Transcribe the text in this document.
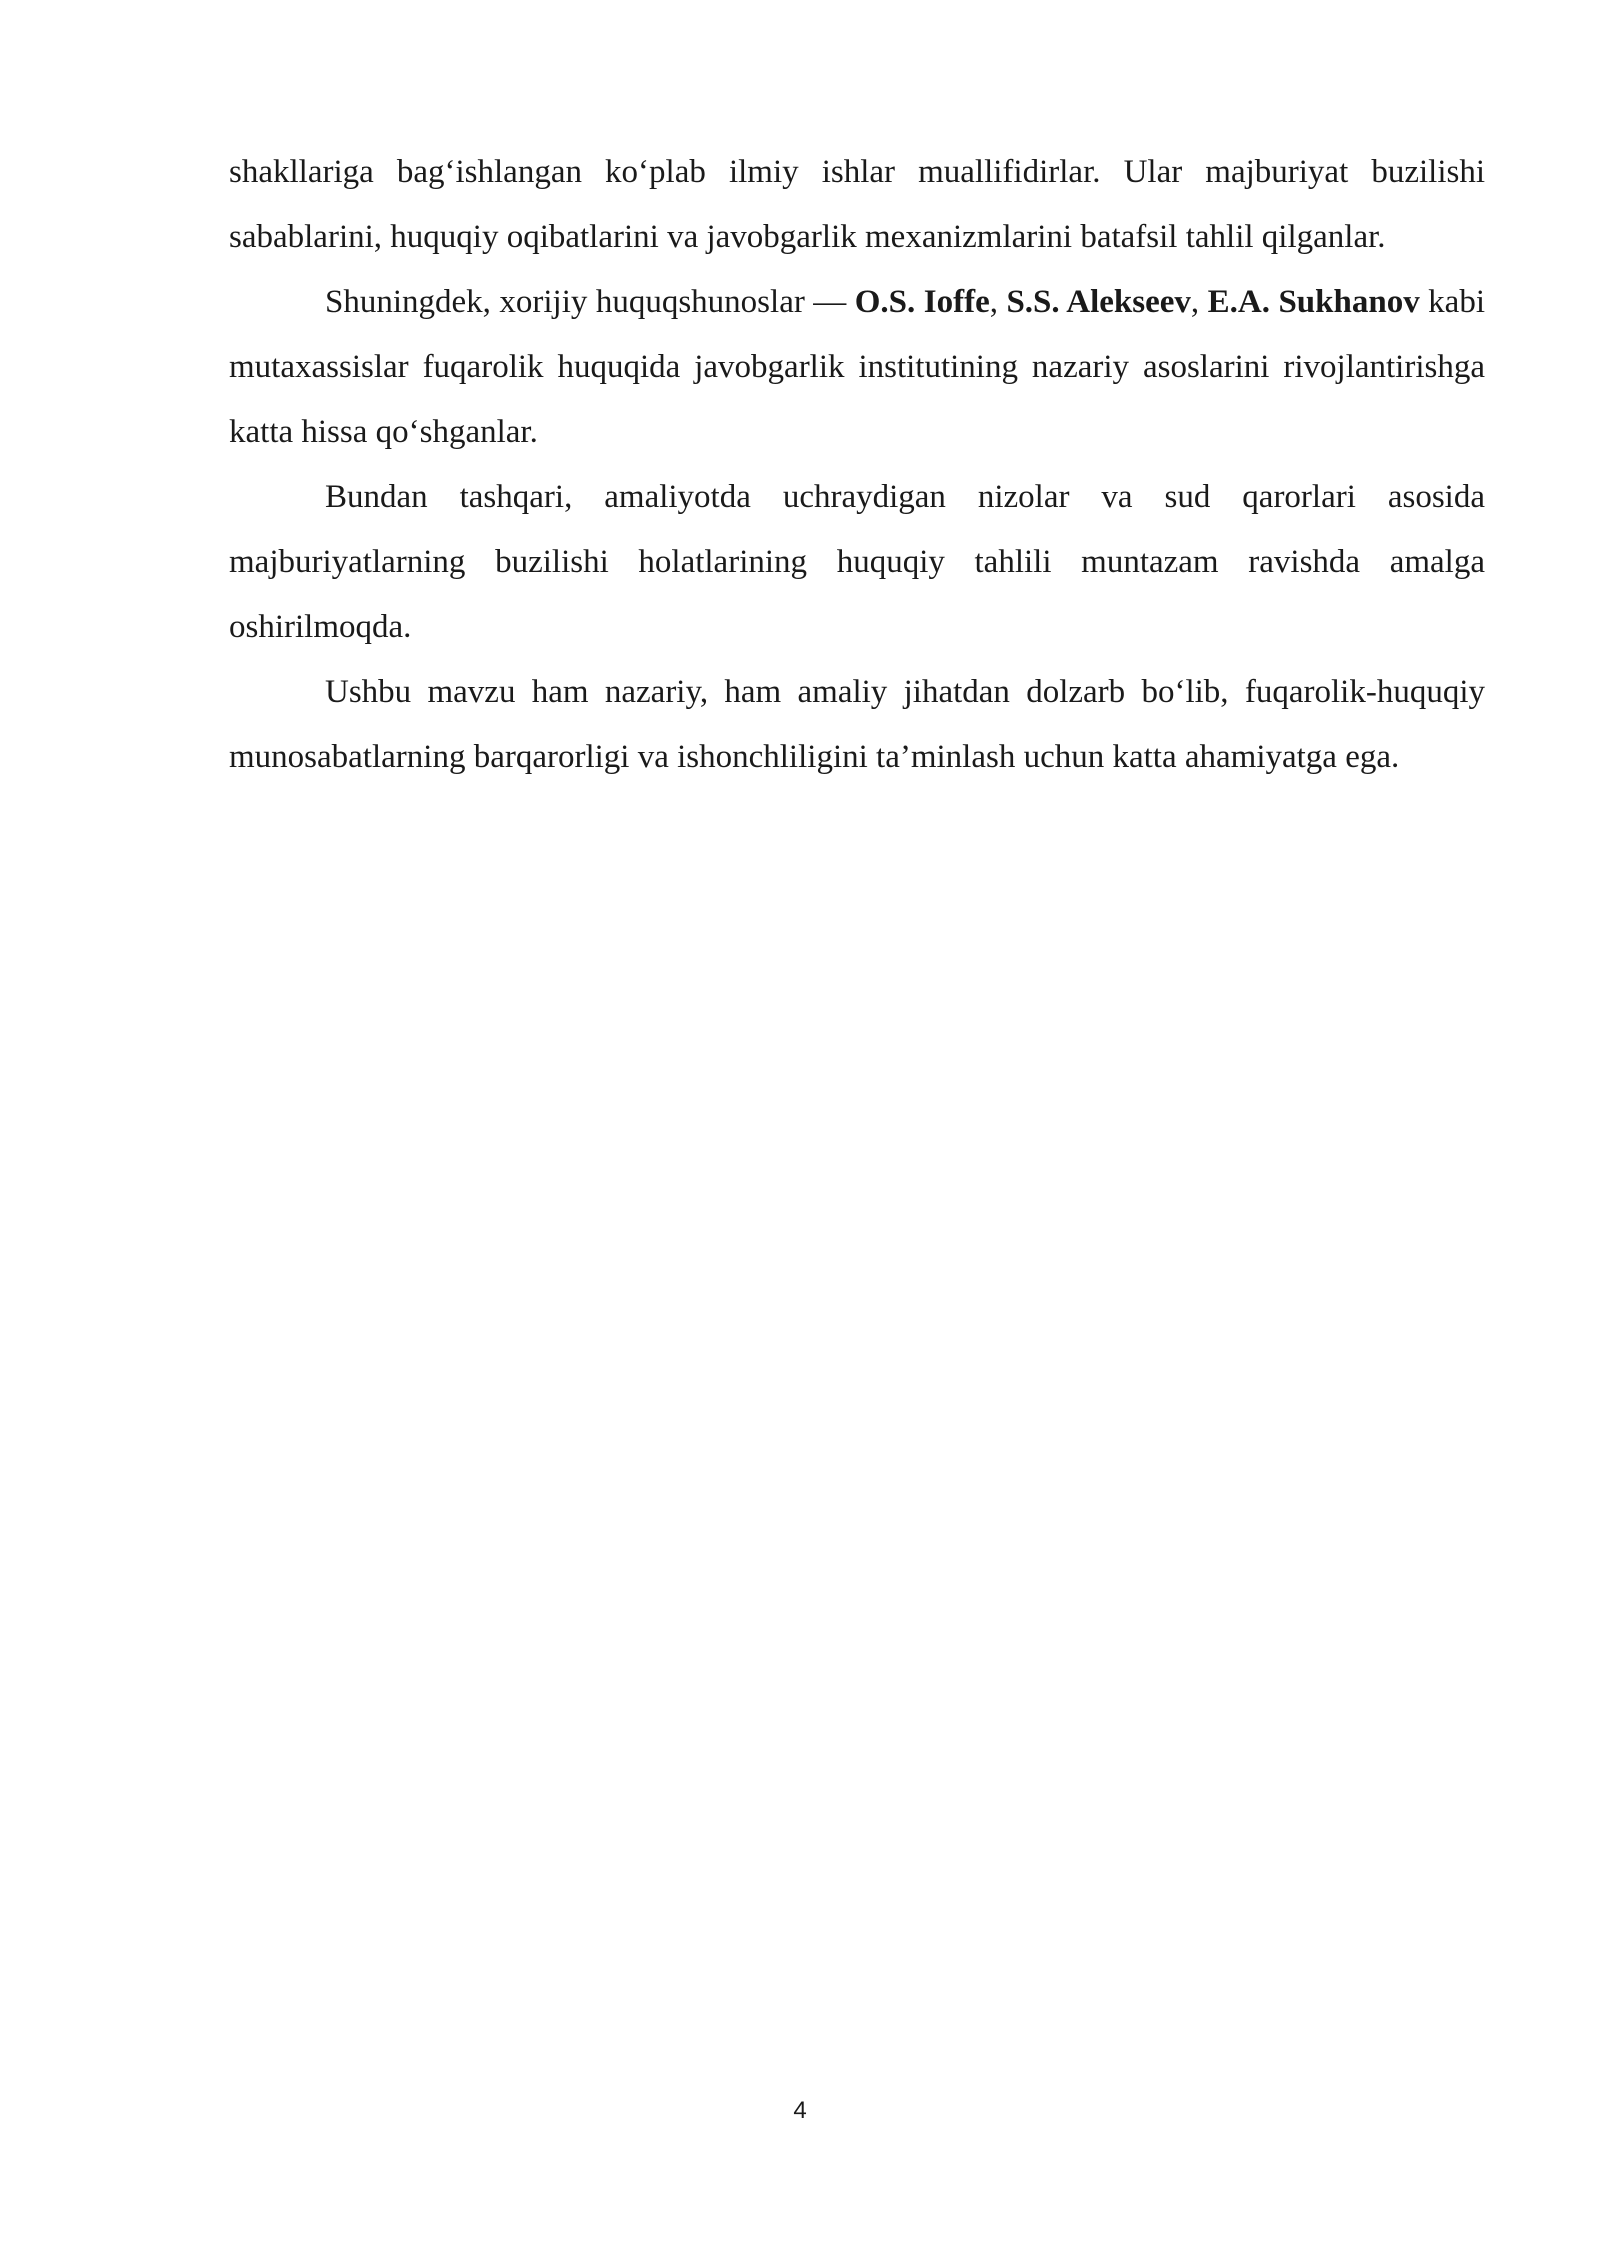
shakllariga bag‘ishlangan ko‘plab ilmiy ishlar muallifidirlar. Ular majburiyat buzilishi sabablarini, huquqiy oqibatlarini va javobgarlik mexanizmlarini batafsil tahlil qilganlar.

Shuningdek, xorijiy huquqshunoslar — O.S. Ioffe, S.S. Alekseev, E.A. Sukhanov kabi mutaxassislar fuqarolik huquqida javobgarlik institutining nazariy asoslarini rivojlantirishga katta hissa qo‘shganlar.

Bundan tashqari, amaliyotda uchraydigan nizolar va sud qarorlari asosida majburiyatlarning buzilishi holatlarining huquqiy tahlili muntazam ravishda amalga oshirilmoqda.

Ushbu mavzu ham nazariy, ham amaliy jihatdan dolzarb bo‘lib, fuqarolik-huquqiy munosabatlarning barqarorligi va ishonchliligini ta’minlash uchun katta ahamiyatga ega.

4
